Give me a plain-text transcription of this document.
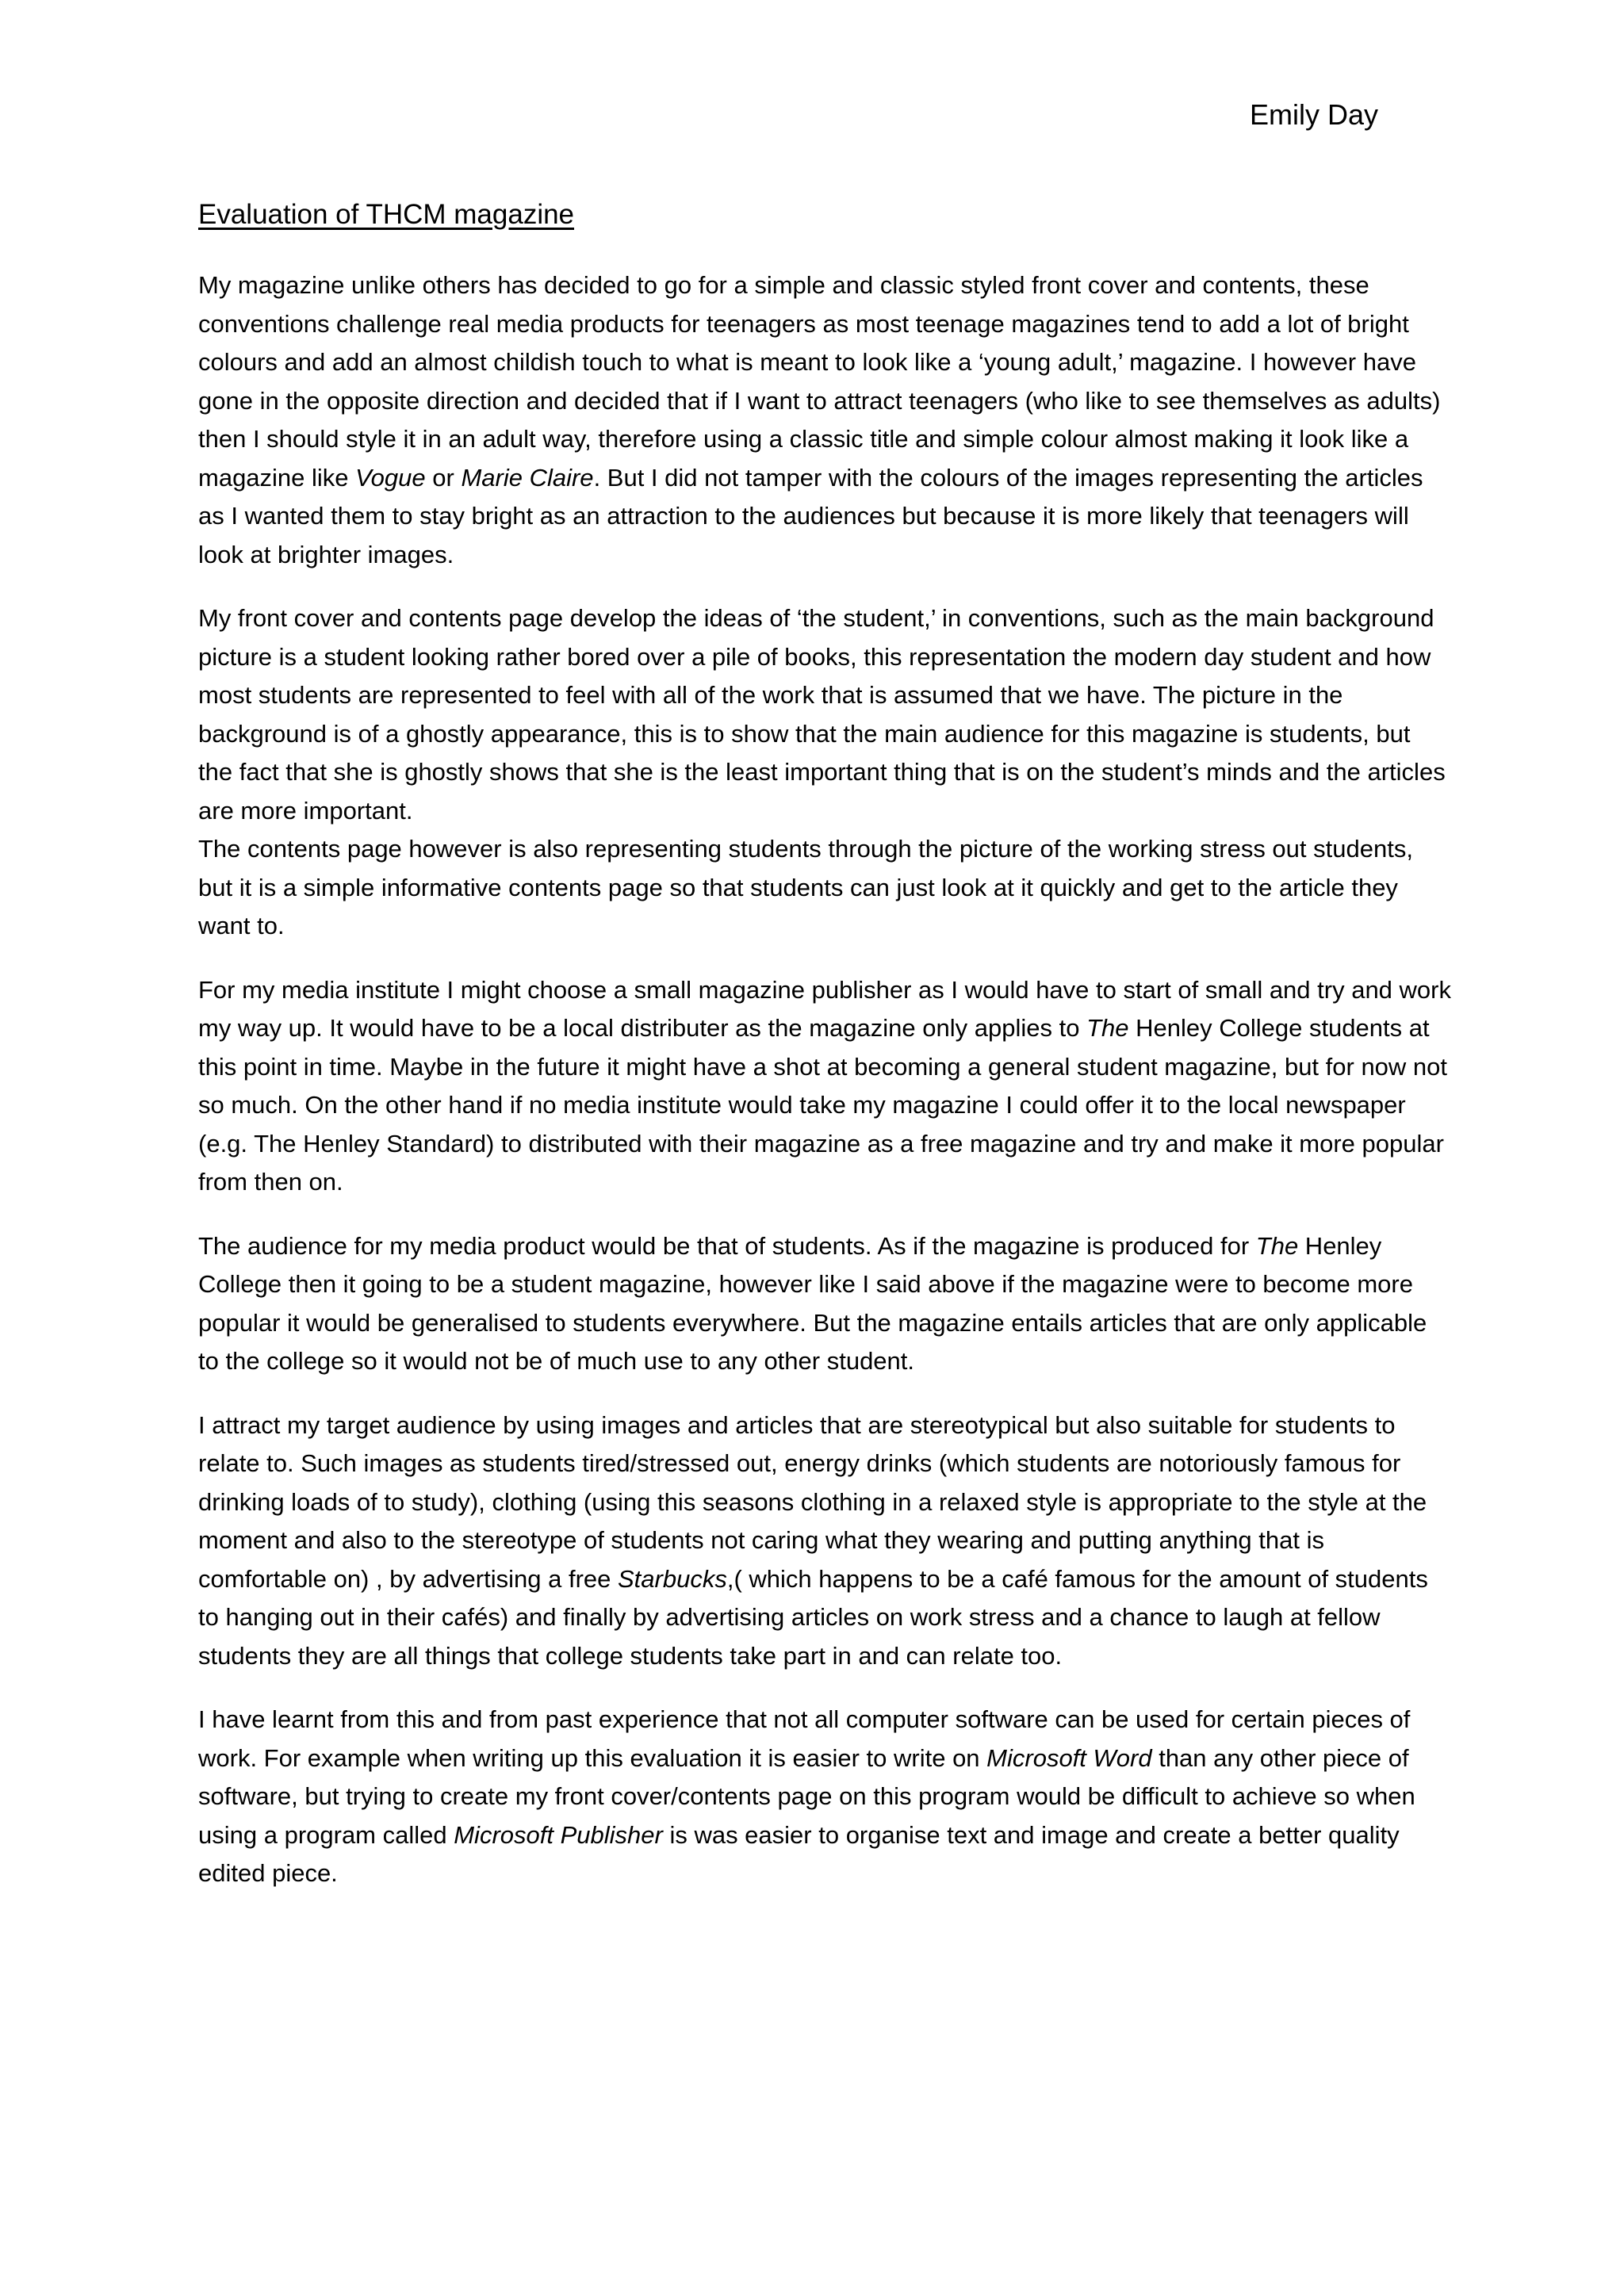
Emily Day

Evaluation of THCM magazine

My magazine unlike others has decided to go for a simple and classic styled front cover and contents, these conventions challenge real media products for teenagers as most teenage magazines tend to add a lot of bright colours and add an almost childish touch to what is meant to look like a ‘young adult,’ magazine. I however have gone in the opposite direction and decided that if I want to attract teenagers (who like to see themselves as adults) then I should style it in an adult way, therefore using a classic title and simple colour almost making it look like a magazine like Vogue or Marie Claire. But I did not tamper with the colours of the images representing the articles as I wanted them to stay bright as an attraction to the audiences but because it is more likely that teenagers will look at brighter images.

My front cover and contents page develop the ideas of ‘the student,’ in conventions, such as the main background picture is a student looking rather bored over a pile of books, this representation the modern day student and how most students are represented to feel with all of the work that is assumed that we have. The picture in the background is of a ghostly appearance, this is to show that the main audience for this magazine is students, but the fact that she is ghostly shows that she is the least important thing that is on the student’s minds and the articles are more important.

The contents page however is also representing students through the picture of the working stress out students, but it is a simple informative contents page so that students can just look at it quickly and get to the article they want to.

For my media institute I might choose a small magazine publisher as I would have to start of small and try and work my way up. It would have to be a local distributer as the magazine only applies to The Henley College students at this point in time. Maybe in the future it might have a shot at becoming a general student magazine, but for now not so much. On the other hand if no media institute would take my magazine I could offer it to the local newspaper (e.g. The Henley Standard) to distributed with their magazine as a free magazine and try and make it more popular from then on.

The audience for my media product would be that of students. As if the magazine is produced for The Henley College then it going to be a student magazine, however like I said above if the magazine were to become more popular it would be generalised to students everywhere. But the magazine entails articles that are only applicable to the college so it would not be of much use to any other student.

I attract my target audience by using images and articles that are stereotypical but also suitable for students to relate to. Such images as students tired/stressed out, energy drinks (which students are notoriously famous for drinking loads of to study), clothing (using this seasons clothing in a relaxed style is appropriate to the style at the moment and also to the stereotype of students not caring what they wearing and putting anything that is comfortable on) , by advertising a free Starbucks,( which happens to be a café famous for the amount of students to hanging out in their cafés) and finally by advertising articles on work stress and a chance to laugh at fellow students they are all things that college students take part in and can relate too.

I have learnt from this and from past experience that not all computer software can be used for certain pieces of work. For example when writing up this evaluation it is easier to write on Microsoft Word than any other piece of software, but trying to create my front cover/contents page on this program would be difficult to achieve so when using a program called Microsoft Publisher is was easier to organise text and image and create a better quality edited piece.
